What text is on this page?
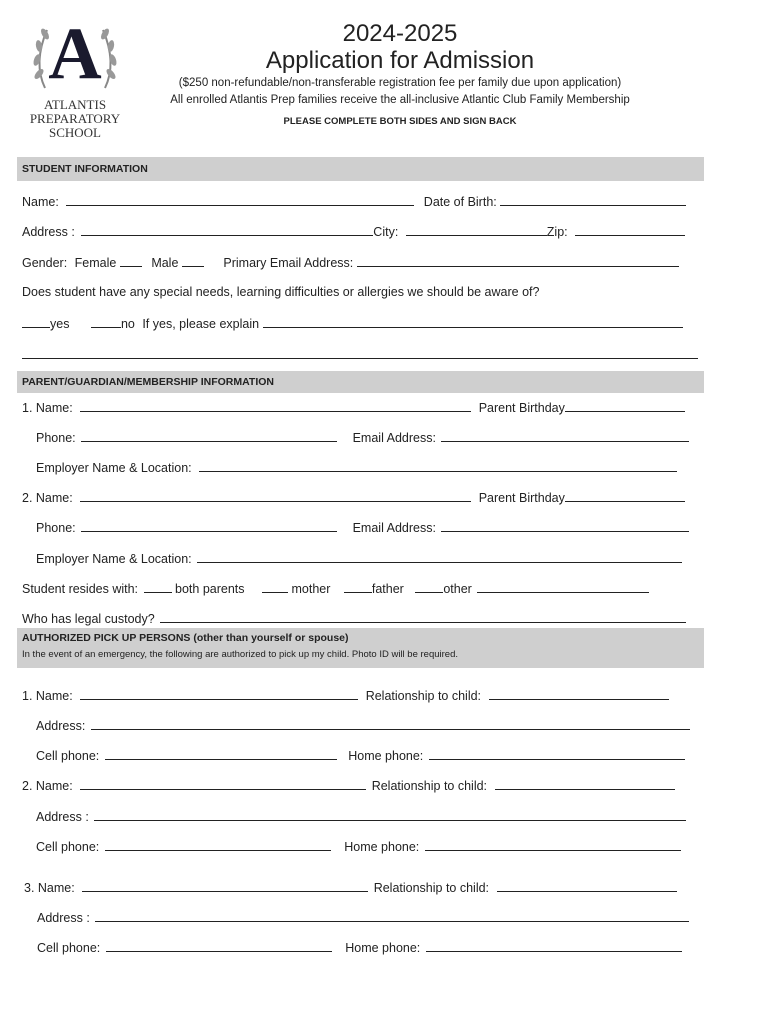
A
ATLANTIS
PREPARATORY
SCHOOL
2024-2025
Application for Admission
($250 non-refundable/non-transferable registration fee per family due upon application)
All enrolled Atlantis Prep families receive the all-inclusive Atlantic Club Family Membership
PLEASE COMPLETE BOTH SIDES AND SIGN BACK
STUDENT INFORMATION
Name:	Date of Birth:
Address :	City:	Zip:
Gender: Female	Male	Primary Email Address:
Does student have any special needs, learning difficulties or allergies we should be aware of?
yes	no If yes, please explain
PARENT/GUARDIAN/MEMBERSHIP INFORMATION
1. Name:	Parent Birthday
Phone:	Email Address:
Employer Name & Location:
2. Name:	Parent Birthday
Phone:	Email Address:
Employer Name & Location:
Student resides with:	both parents	mother	father	other
Who has legal custody?
AUTHORIZED PICK UP PERSONS (other than yourself or spouse)
In the event of an emergency, the following are authorized to pick up my child. Photo ID will be required.
1. Name:	Relationship to child:
Address:
Cell phone:	Home phone:
2. Name:	Relationship to child:
Address :
Cell phone:	Home phone:
3. Name:	Relationship to child:
Address :
Cell phone:	Home phone:
